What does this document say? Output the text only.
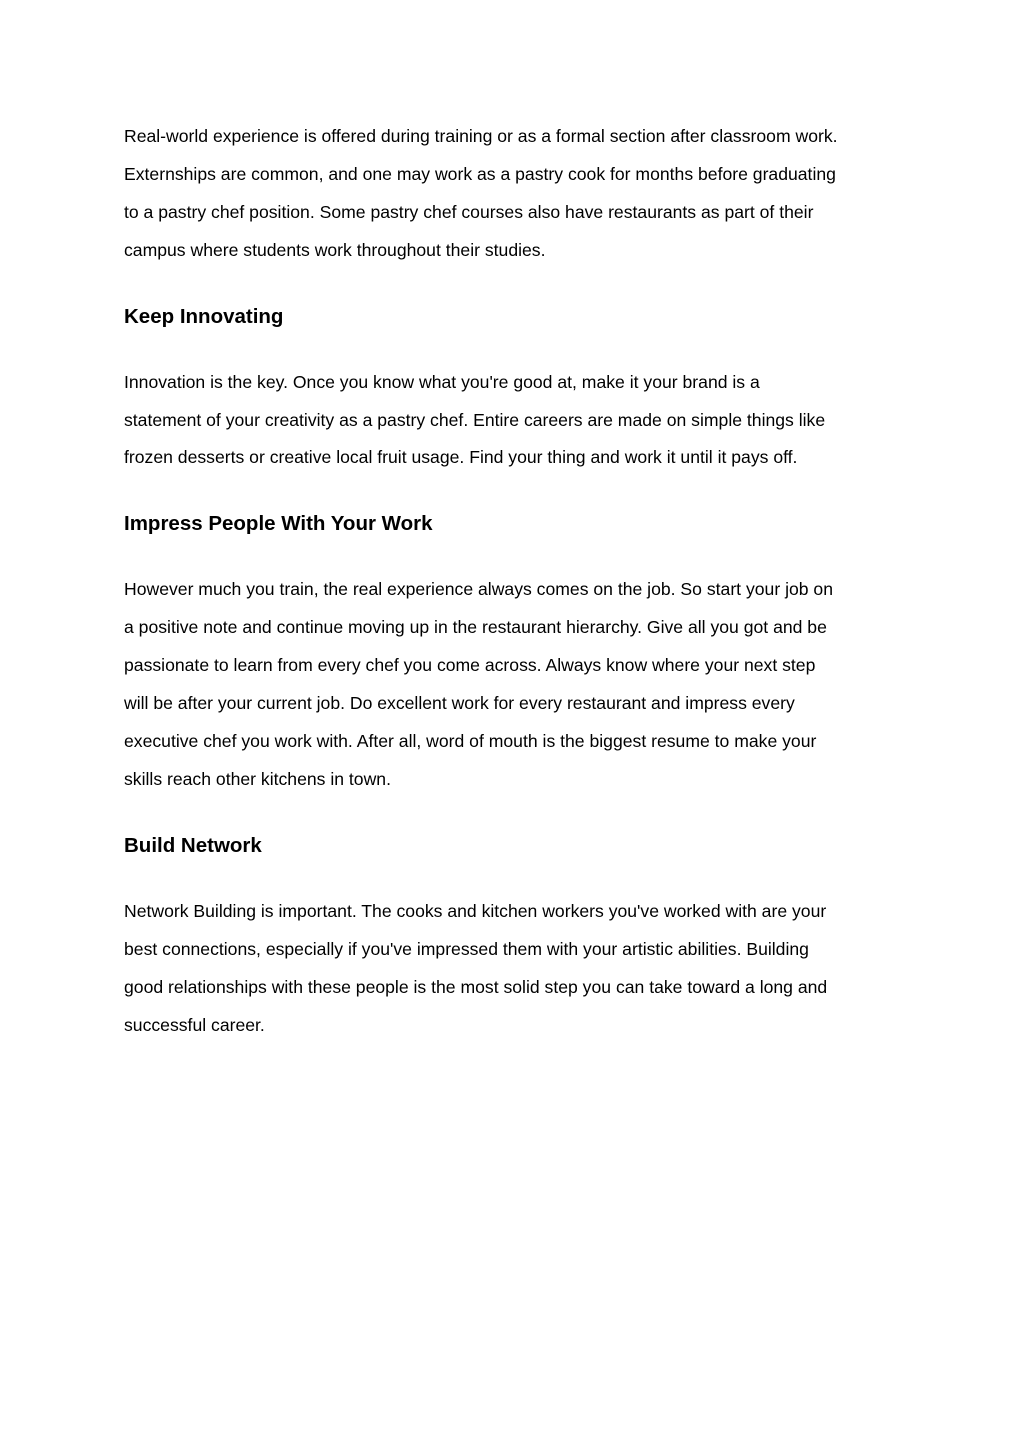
Real-world experience is offered during training or as a formal section after classroom work.
Externships are common, and one may work as a pastry cook for months before graduating
to a pastry chef position. Some pastry chef courses also have restaurants as part of their
campus where students work throughout their studies.

Keep Innovating

Innovation is the key. Once you know what you're good at, make it your brand is a
statement of your creativity as a pastry chef. Entire careers are made on simple things like
frozen desserts or creative local fruit usage. Find your thing and work it until it pays off.

Impress People With Your Work

However much you train, the real experience always comes on the job. So start your job on
a positive note and continue moving up in the restaurant hierarchy. Give all you got and be
passionate to learn from every chef you come across. Always know where your next step
will be after your current job. Do excellent work for every restaurant and impress every
executive chef you work with. After all, word of mouth is the biggest resume to make your
skills reach other kitchens in town.

Build Network

Network Building is important. The cooks and kitchen workers you've worked with are your
best connections, especially if you've impressed them with your artistic abilities. Building
good relationships with these people is the most solid step you can take toward a long and
successful career.
